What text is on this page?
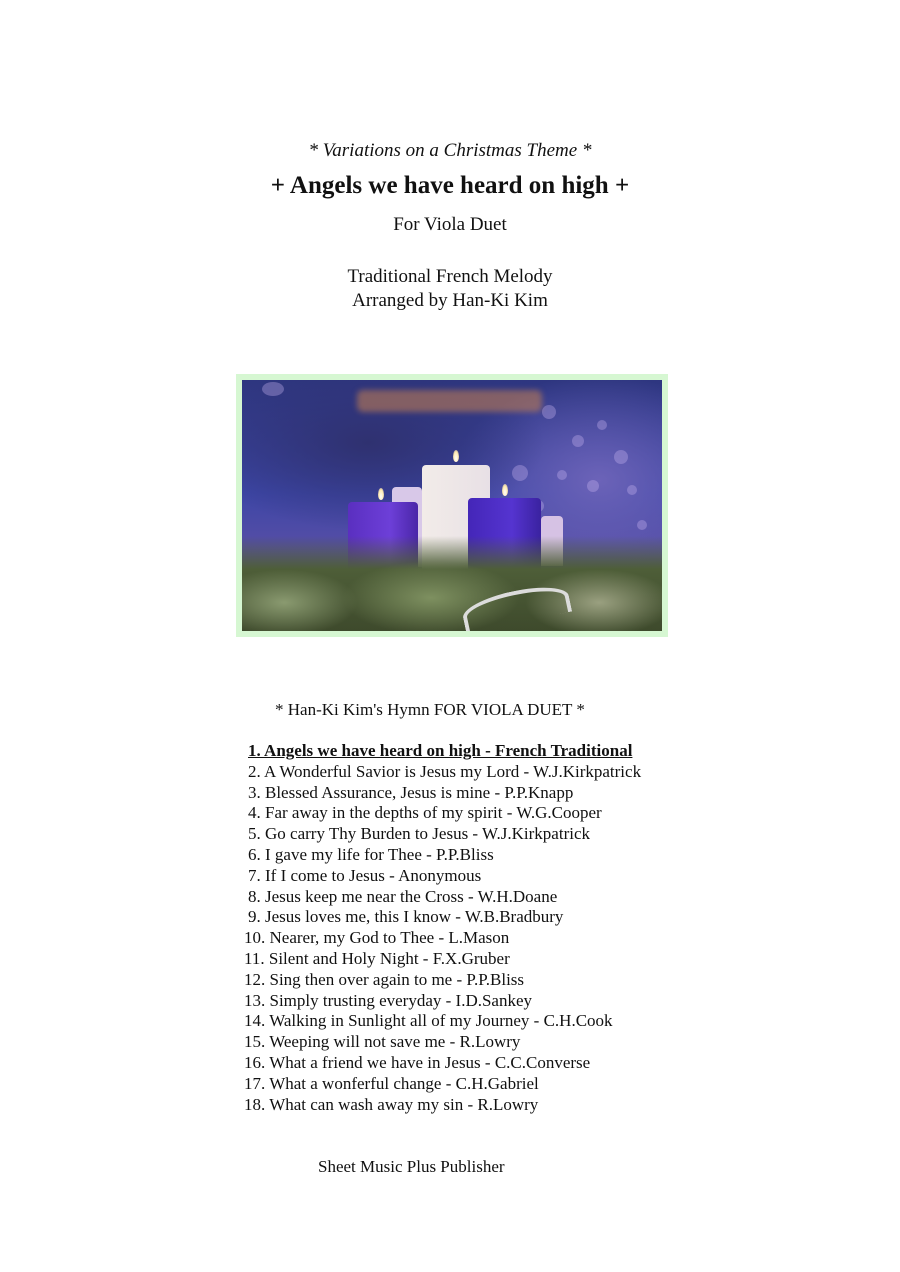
* Variations on a Christmas Theme *
+ Angels we have heard on high +
For Viola Duet
Traditional French Melody
Arranged by Han-Ki Kim
* Han-Ki Kim's Hymn FOR VIOLA DUET *
1. Angels we have heard on high - French Traditional
2. A Wonderful Savior is Jesus my Lord - W.J.Kirkpatrick
3. Blessed Assurance, Jesus is mine - P.P.Knapp
4. Far away in the depths of my spirit - W.G.Cooper
5. Go carry Thy Burden to Jesus - W.J.Kirkpatrick
6. I gave my life for Thee - P.P.Bliss
7. If I come to Jesus - Anonymous
8. Jesus keep me near the Cross - W.H.Doane
9. Jesus loves me, this I know - W.B.Bradbury
10. Nearer, my God to Thee - L.Mason
11. Silent and Holy Night - F.X.Gruber
12. Sing then over again to me - P.P.Bliss
13. Simply trusting everyday - I.D.Sankey
14. Walking in Sunlight all of my Journey - C.H.Cook
15. Weeping will not save me - R.Lowry
16. What a friend we have in Jesus - C.C.Converse
17. What a wonferful change - C.H.Gabriel
18. What can wash away my sin - R.Lowry
Sheet Music Plus Publisher
